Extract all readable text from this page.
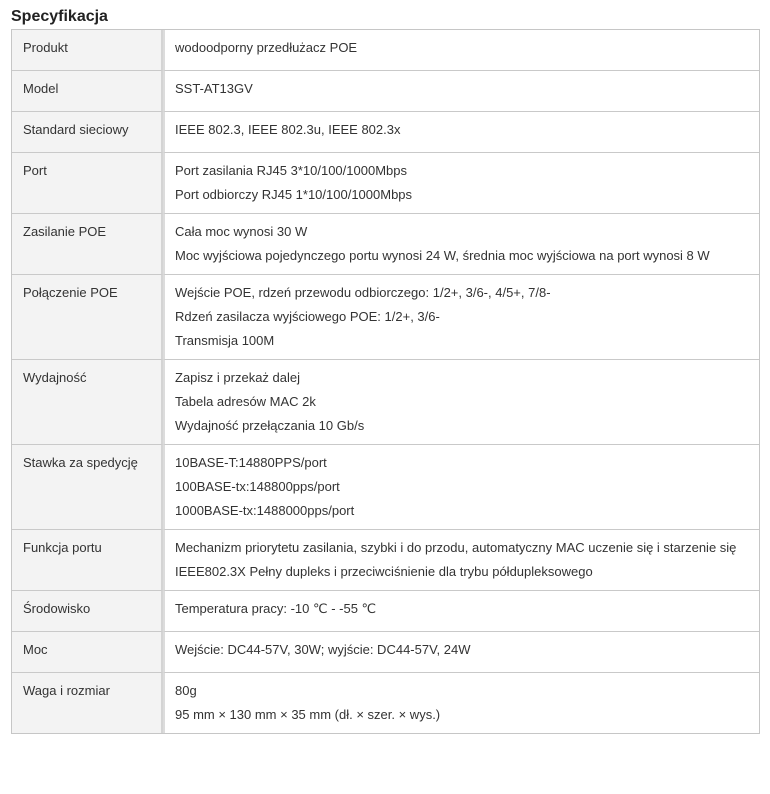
Specyfikacja
Produkt	wodoodporny przedłużacz POE

Model	SST-AT13GV

Standard sieciowy	IEEE 802.3, IEEE 802.3u, IEEE 802.3x

Port	Port zasilania RJ45 3*10/100/1000Mbps
Port odbiorczy RJ45 1*10/100/1000Mbps

Zasilanie POE	Cała moc wynosi 30 W
Moc wyjściowa pojedynczego portu wynosi 24 W, średnia moc wyjściowa na port wynosi 8 W

Połączenie POE	Wejście POE, rdzeń przewodu odbiorczego: 1/2+, 3/6-, 4/5+, 7/8-
Rdzeń zasilacza wyjściowego POE: 1/2+, 3/6-
Transmisja 100M

Wydajność	Zapisz i przekaż dalej
Tabela adresów MAC 2k
Wydajność przełączania 10 Gb/s

Stawka za spedycję	10BASE-T:14880PPS/port
100BASE-tx:148800pps/port
1000BASE-tx:1488000pps/port

Funkcja portu	Mechanizm priorytetu zasilania, szybki i do przodu, automatyczny MAC uczenie się i starzenie się IEEE802.3X Pełny dupleks i przeciwciśnienie dla trybu półdupleksowego

Środowisko	Temperatura pracy: -10 ℃ - -55 ℃

Moc	Wejście: DC44-57V, 30W; wyjście: DC44-57V, 24W

Waga i rozmiar	80g
95 mm × 130 mm × 35 mm (dł. × szer. × wys.)
